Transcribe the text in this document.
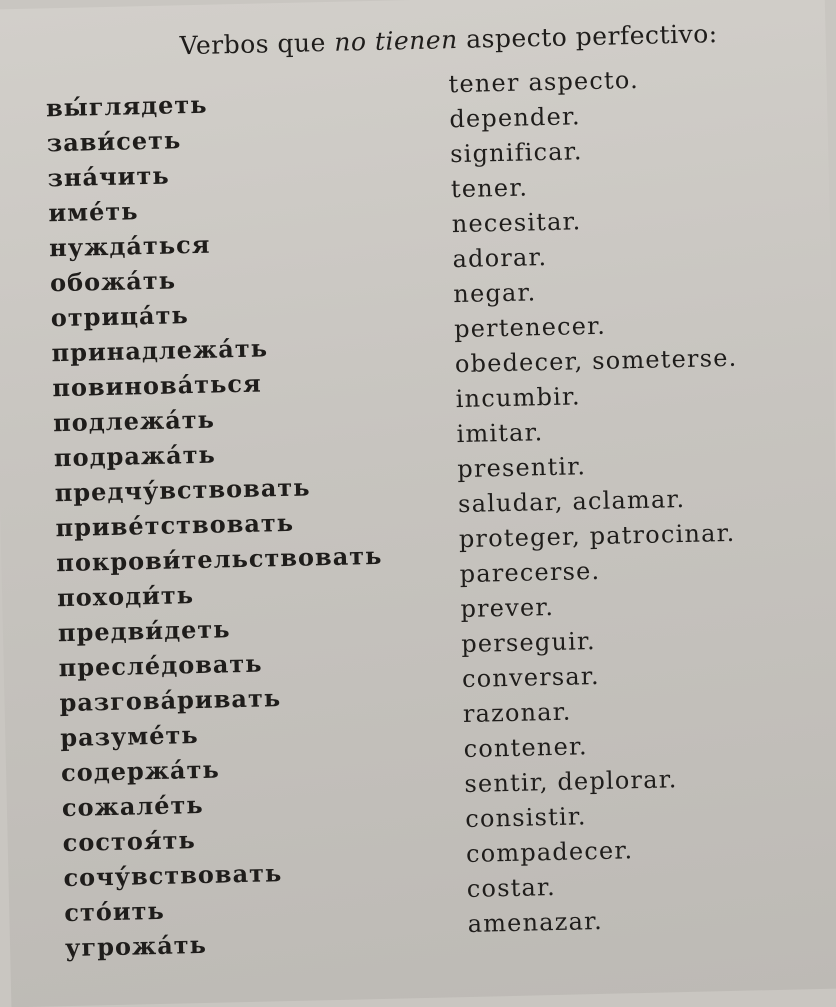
Verbos que no tienen aspecto perfectivo:
вы́глядеть
зави́сеть
зна́чить
име́ть
нужда́ться
обожа́ть
отрица́ть
принадлежа́ть
повинова́ться
подлежа́ть
подража́ть
предчу́вствовать
приве́тствовать
покрови́тельствовать
походи́ть
предви́деть
пресле́довать
разгова́ривать
разуме́ть
содержа́ть
сожале́ть
состоя́ть
сочу́вствовать
сто́ить
угрожа́ть
tener aspecto.
depender.
significar.
tener.
necesitar.
adorar.
negar.
pertenecer.
obedecer, someterse.
incumbir.
imitar.
presentir.
saludar, aclamar.
proteger, patrocinar.
parecerse.
prever.
perseguir.
conversar.
razonar.
contener.
sentir, deplorar.
consistir.
compadecer.
costar.
amenazar.
